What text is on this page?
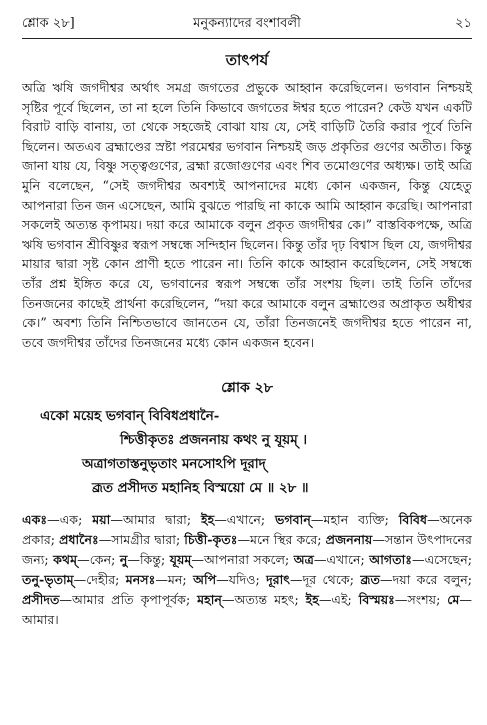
শ্লোক ২৮]	মনুকন্যাদের বংশাবলী	২১
তাৎপর্য

অত্রি ঋষি জগদীশ্বর অর্থাৎ সমগ্র জগতের প্রভুকে আহ্বান করেছিলেন। ভগবান নিশ্চয়ই সৃষ্টির পূর্বে ছিলেন, তা না হলে তিনি কিভাবে জগতের ঈশ্বর হতে পারেন? কেউ যখন একটি বিরাট বাড়ি বানায়, তা থেকে সহজেই বোঝা যায় যে, সেই বাড়িটি তৈরি করার পূর্বে তিনি ছিলেন। অতএব ব্রহ্মাণ্ডের স্রষ্টা পরমেশ্বর ভগবান নিশ্চয়ই জড় প্রকৃতির গুণের অতীত। কিন্তু জানা যায় যে, বিষ্ণু সত্ত্বগুণের, ব্রহ্মা রজোগুণের এবং শিব তমোগুণের অধ্যক্ষ। তাই অত্রি মুনি বলেছেন, “সেই জগদীশ্বর অবশ্যই আপনাদের মধ্যে কোন একজন, কিন্তু যেহেতু আপনারা তিন জন এসেছেন, আমি বুঝতে পারছি না কাকে আমি আহ্বান করেছি। আপনারা সকলেই অত্যন্ত কৃপাময়। দয়া করে আমাকে বলুন প্রকৃত জগদীশ্বর কে।” বাস্তবিকপক্ষে, অত্রি ঋষি ভগবান শ্রীবিষ্ণুর স্বরূপ সম্বন্ধে সন্দিহান ছিলেন। কিন্তু তাঁর দৃঢ় বিশ্বাস ছিল যে, জগদীশ্বর মায়ার দ্বারা সৃষ্ট কোন প্রাণী হতে পারেন না। তিনি কাকে আহ্বান করেছিলেন, সেই সম্বন্ধে তাঁর প্রশ্ন ইঙ্গিত করে যে, ভগবানের স্বরূপ সম্বন্ধে তাঁর সংশয় ছিল। তাই তিনি তাঁদের তিনজনের কাছেই প্রার্থনা করেছিলেন, “দয়া করে আমাকে বলুন ব্রহ্মাণ্ডের অপ্রাকৃত অধীশ্বর কে।” অবশ্য তিনি নিশ্চিতভাবে জানতেন যে, তাঁরা তিনজনেই জগদীশ্বর হতে পারেন না, তবে জগদীশ্বর তাঁদের তিনজনের মধ্যে কোন একজন হবেন।

শ্লোক ২৮
একো ময়েহ ভগবান্ বিবিধপ্রধানৈ-
শ্চিত্তীকৃতঃ প্রজননায় কথং নু যূয়ম্ ।
অত্রাগতাস্তনুভৃতাং মনসোঽপি দূরাদ্
ব্রূত প্রসীদত মহানিহ বিস্ময়ো মে ॥ ২৮ ॥
একঃ—এক; ময়া—আমার দ্বারা; ইহ—এখানে; ভগবান্—মহান ব্যক্তি; বিবিধ—অনেক প্রকার; প্রধানৈঃ—সামগ্রীর দ্বারা; চিত্তী-কৃতঃ—মনে স্থির করে; প্রজননায়—সন্তান উৎপাদনের জন্য; কথম্—কেন; নু—কিন্তু; যূয়ম্—আপনারা সকলে; অত্র—এখানে; আগতাঃ—এসেছেন; তনু-ভৃতাম্—দেহীর; মনসঃ—মন; অপি—যদিও; দূরাৎ—দূর থেকে; ব্রূত—দয়া করে বলুন; প্রসীদত—আমার প্রতি কৃপাপূর্বক; মহান্—অত্যন্ত মহৎ; ইহ—এই; বিস্ময়ঃ—সংশয়; মে—আমার।
